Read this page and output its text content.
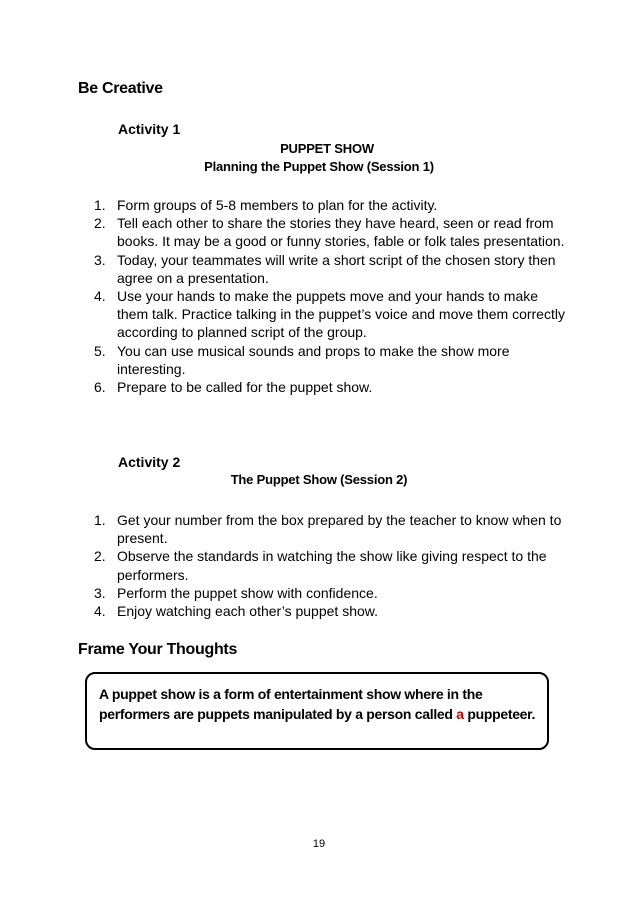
Be Creative
Activity 1
PUPPET SHOW
Planning the Puppet Show (Session 1)
1. Form groups of 5-8 members to plan for the activity.
2. Tell each other to share the stories they have heard, seen or read from books. It may be a good or funny stories, fable or folk tales presentation.
3. Today, your teammates will write a short script of the chosen story then agree on a presentation.
4. Use your hands to make the puppets move and your hands to make them talk. Practice talking in the puppet’s voice and move them correctly according to planned script of the group.
5. You can use musical sounds and props to make the show more interesting.
6. Prepare to be called for the puppet show.
Activity 2
The Puppet Show (Session 2)
1. Get your number from the box prepared by the teacher to know when to present.
2. Observe the standards in watching the show like giving respect to the performers.
3. Perform the puppet show with confidence.
4. Enjoy watching each other’s puppet show.
Frame Your Thoughts
A puppet show is a form of entertainment show where in the performers are puppets manipulated by a person called a puppeteer.
19
